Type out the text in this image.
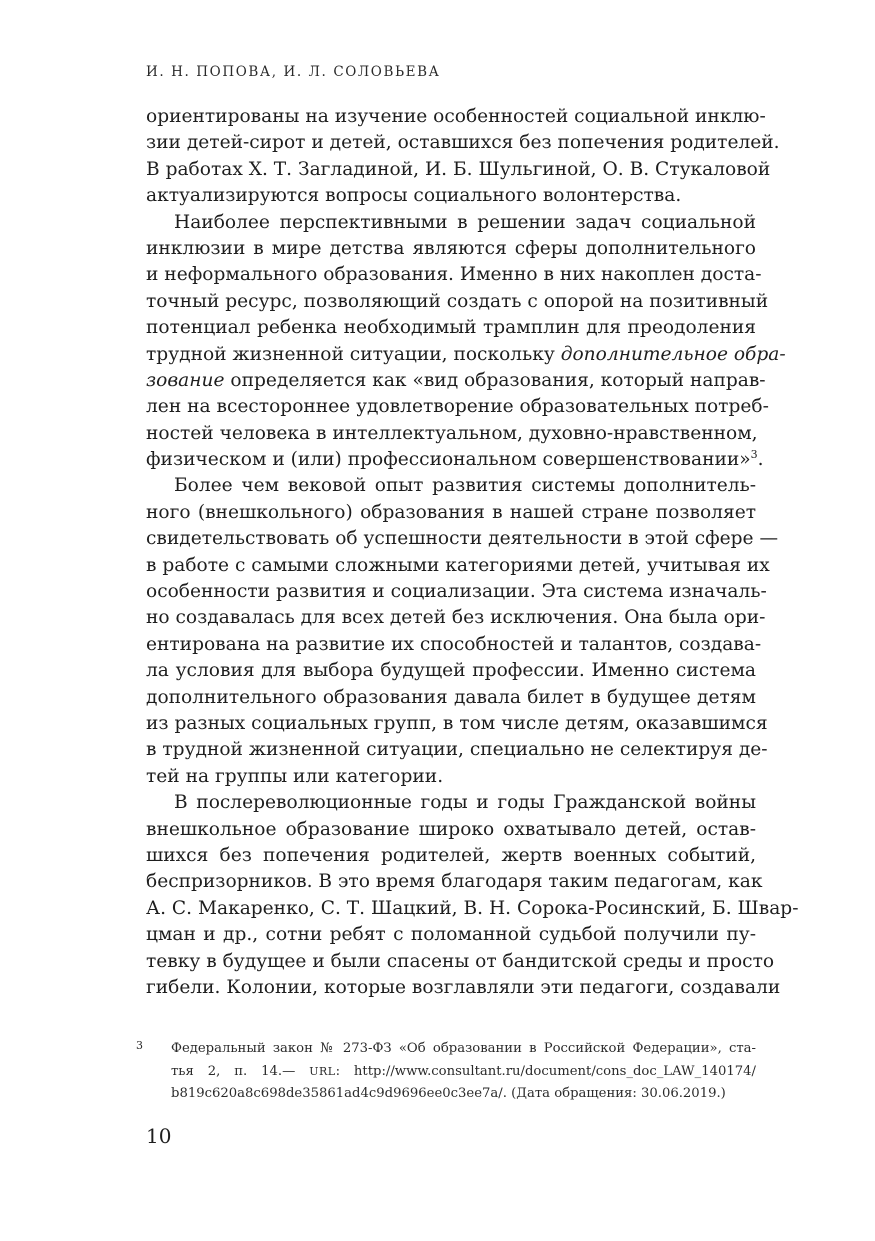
И. Н. ПОПОВА, И. Л. СОЛОВЬЕВА
ориентированы на изучение особенностей социальной инклю-
зии детей-сирот и детей, оставшихся без попечения родителей.
В работах Х. Т. Загладиной, И. Б. Шульгиной, О. В. Стукаловой
актуализируются вопросы социального волонтерства.
Наиболее перспективными в решении задач социальной
инклюзии в мире детства являются сферы дополнительного
и неформального образования. Именно в них накоплен доста-
точный ресурс, позволяющий создать с опорой на позитивный
потенциал ребенка необходимый трамплин для преодоления
трудной жизненной ситуации, поскольку дополнительное обра-
зование определяется как «вид образования, который направ-
лен на всестороннее удовлетворение образовательных потреб-
ностей человека в интеллектуальном, духовно-нравственном,
физическом и (или) профессиональном совершенствовании»$^3$.
Более чем вековой опыт развития системы дополнитель-
ного (внешкольного) образования в нашей стране позволяет
свидетельствовать об успешности деятельности в этой сфере —
в работе с самыми сложными категориями детей, учитывая их
особенности развития и социализации. Эта система изначаль-
но создавалась для всех детей без исключения. Она была ори-
ентирована на развитие их способностей и талантов, создава-
ла условия для выбора будущей профессии. Именно система
дополнительного образования давала билет в будущее детям
из разных социальных групп, в том числе детям, оказавшимся
в трудной жизненной ситуации, специально не селектируя де-
тей на группы или категории.
В послереволюционные годы и годы Гражданской войны
внешкольное образование широко охватывало детей, остав-
шихся без попечения родителей, жертв военных событий,
беспризорников. В это время благодаря таким педагогам, как
А. С. Макаренко, С. Т. Шацкий, В. Н. Сорока-Росинский, Б. Швар-
цман и др., сотни ребят с поломанной судьбой получили пу-
тевку в будущее и были спасены от бандитской среды и просто
гибели. Колонии, которые возглавляли эти педагоги, создавали
3 Федеральный закон № 273-ФЗ «Об образовании в Российской Федерации», ста-
тья 2, п. 14.— URL: http://www.consultant.ru/document/cons_doc_LAW_140174/
b819c620a8c698de35861ad4c9d9696ee0c3ee7a/. (Дата обращения: 30.06.2019.)
10
